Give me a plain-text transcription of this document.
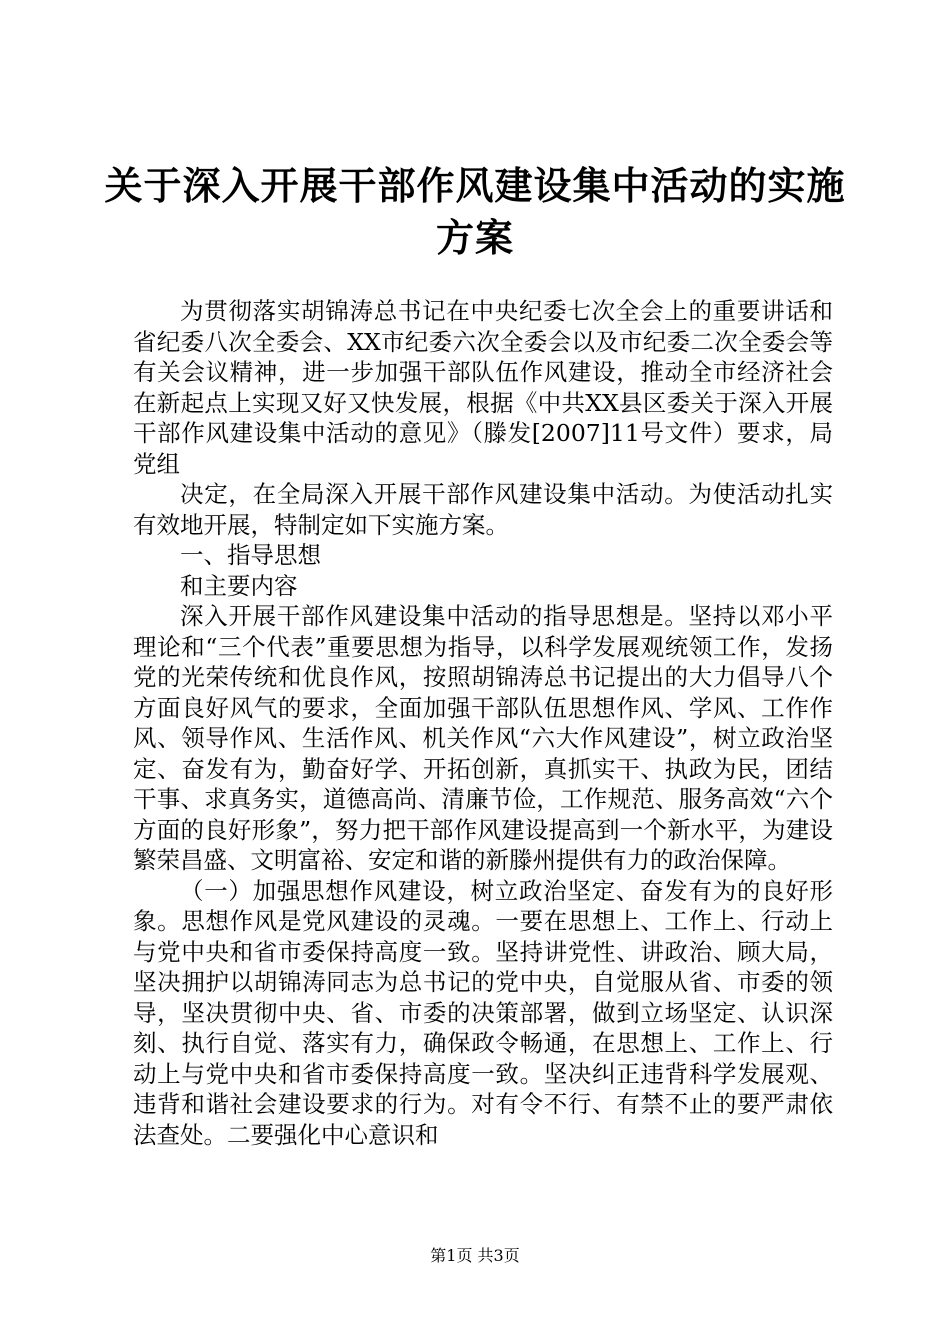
关于深入开展干部作风建设集中活动的实施方案

为贯彻落实胡锦涛总书记在中央纪委七次全会上的重要讲话和省纪委八次全委会、XX市纪委六次全委会以及市纪委二次全委会等有关会议精神，进一步加强干部队伍作风建设，推动全市经济社会在新起点上实现又好又快发展，根据《中共XX县区委关于深入开展干部作风建设集中活动的意见》（滕发[2007]11号文件）要求，局党组

决定，在全局深入开展干部作风建设集中活动。为使活动扎实有效地开展，特制定如下实施方案。

一、指导思想

和主要内容

深入开展干部作风建设集中活动的指导思想是。坚持以邓小平理论和“三个代表”重要思想为指导，以科学发展观统领工作，发扬党的光荣传统和优良作风，按照胡锦涛总书记提出的大力倡导八个方面良好风气的要求，全面加强干部队伍思想作风、学风、工作作风、领导作风、生活作风、机关作风“六大作风建设”，树立政治坚定、奋发有为，勤奋好学、开拓创新，真抓实干、执政为民，团结干事、求真务实，道德高尚、清廉节俭，工作规范、服务高效“六个方面的良好形象”，努力把干部作风建设提高到一个新水平，为建设繁荣昌盛、文明富裕、安定和谐的新滕州提供有力的政治保障。

（一）加强思想作风建设，树立政治坚定、奋发有为的良好形象。思想作风是党风建设的灵魂。一要在思想上、工作上、行动上与党中央和省市委保持高度一致。坚持讲党性、讲政治、顾大局，坚决拥护以胡锦涛同志为总书记的党中央，自觉服从省、市委的领导，坚决贯彻中央、省、市委的决策部署，做到立场坚定、认识深刻、执行自觉、落实有力，确保政令畅通，在思想上、工作上、行动上与党中央和省市委保持高度一致。坚决纠正违背科学发展观、违背和谐社会建设要求的行为。对有令不行、有禁不止的要严肃依法查处。二要强化中心意识和

第1页 共3页
